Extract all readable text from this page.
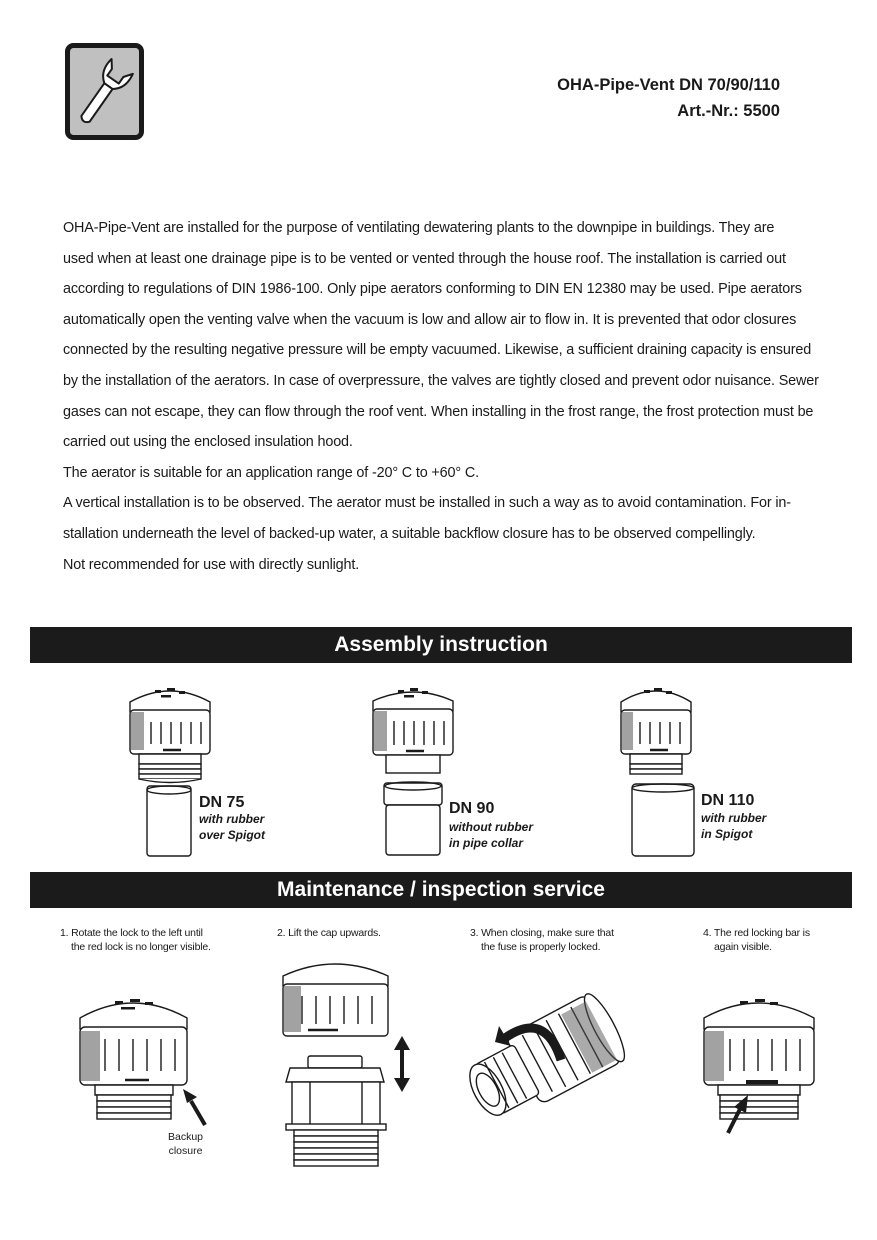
OHA-Pipe-Vent DN 70/90/110
Art.-Nr.: 5500

OHA-Pipe-Vent are installed for the purpose of ventilating dewatering plants to the downpipe in buildings. They are
used when at least one drainage pipe is to be vented or vented through the house roof. The installation is carried out
according to regulations of DIN 1986-100. Only pipe aerators conforming to DIN EN 12380 may be used. Pipe aerators
automatically open the venting valve when the vacuum is low and allow air to flow in. It is prevented that odor closures
connected by the resulting negative pressure will be empty vacuumed. Likewise, a sufficient draining capacity is ensured
by the installation of the aerators. In case of overpressure, the valves are tightly closed and prevent odor nuisance. Sewer
gases can not escape, they can flow through the roof vent. When installing in the frost range, the frost protection must be
carried out using the enclosed insulation hood.

The aerator is suitable for an application range of -20° C to +60° C.

A vertical installation is to be observed. The aerator must be installed in such a way as to avoid contamination. For in-
stallation underneath the level of backed-up water, a suitable backflow closure has to be observed compellingly.

Not recommended for use with directly sunlight.

Assembly instruction
DN 75
with rubber
over Spigot
DN 90
without rubber
in pipe collar
DN 110
with rubber
in Spigot
Maintenance / inspection service
1. Rotate the lock to the left until
the red lock is no longer visible.
2. Lift the cap upwards.	3. When closing, make sure that
the fuse is properly locked.
4. The red locking bar is
again visible.
Backup
closure
